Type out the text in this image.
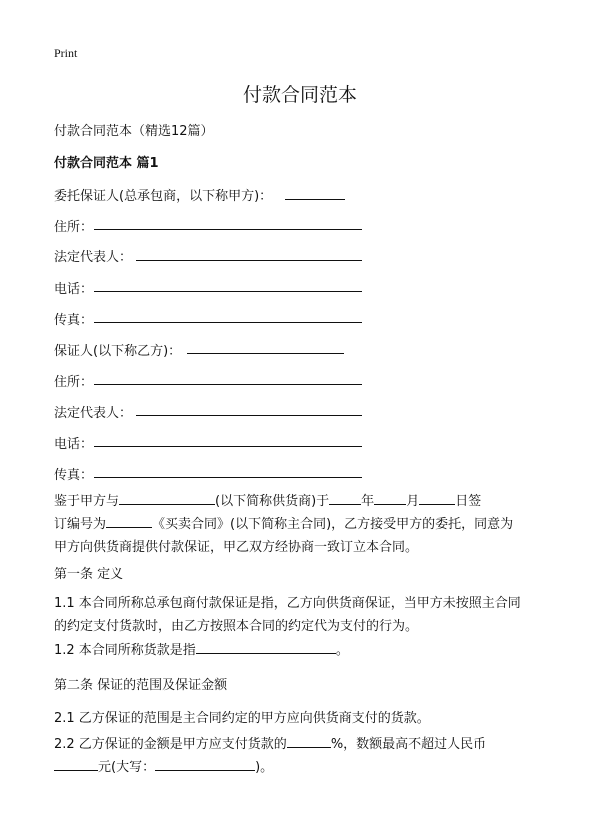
Print
付款合同范本
付款合同范本（精选12篇）
付款合同范本 篇1
委托保证人(总承包商，以下称甲方)：
住所：
法定代表人：
电话：
传真：
保证人(以下称乙方)：
住所：
法定代表人：
电话：
传真：
鉴于甲方与	(以下简称供货商)于 年 月	日签
订编号为	《买卖合同》(以下简称主合同)，乙方接受甲方的委托，同意为
甲方向供货商提供付款保证，甲乙双方经协商一致订立本合同。
第一条 定义
1.1 本合同所称总承包商付款保证是指，乙方向供货商保证，当甲方未按照主合同
的约定支付货款时，由乙方按照本合同的约定代为支付的行为。
1.2 本合同所称货款是指	。
第二条 保证的范围及保证金额
2.1 乙方保证的范围是主合同约定的甲方应向供货商支付的货款。
2.2 乙方保证的金额是甲方应支付货款的	%，数额最高不超过人民币
元(大写：	)。
